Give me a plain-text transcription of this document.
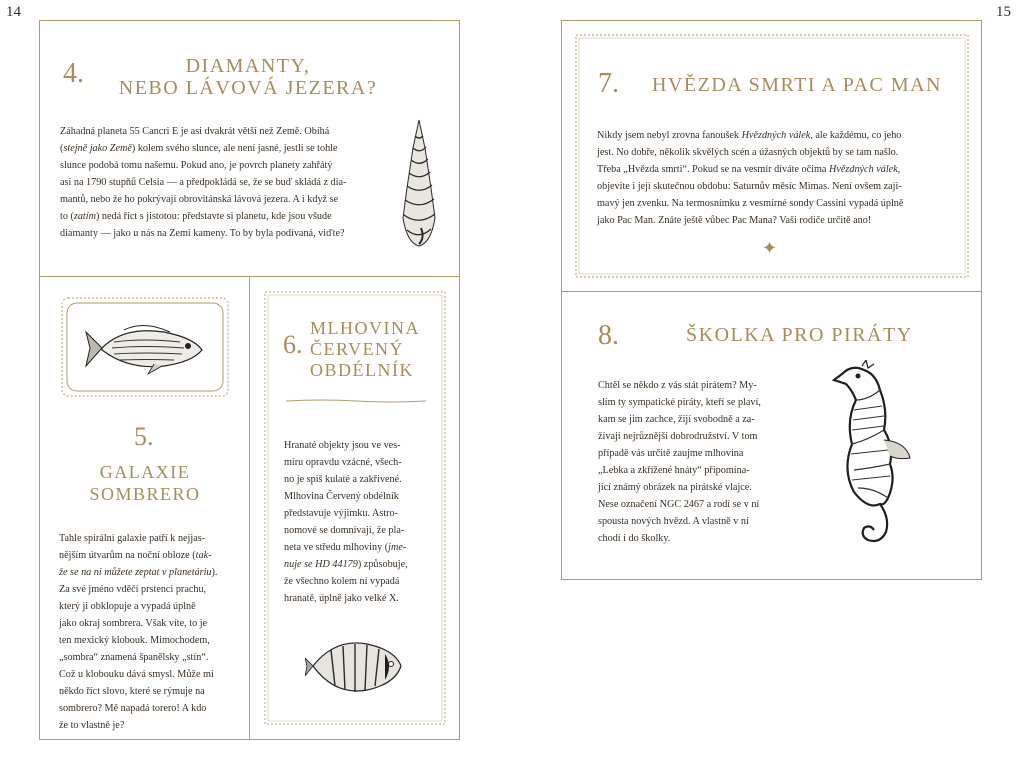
14
4.	DIAMANTY,
NEBO LÁVOVÁ JEZERA?
Záhadná planeta 55 Cancri E je asi dvakrát větší než Země. Obíhá
(stejně jako Země) kolem svého slunce, ale není jasné, jestli se tohle
slunce podobá tomu našemu. Pokud ano, je povrch planety zahřátý
asi na 1790 stupňů Celsia — a předpokládá se, že se buď skládá z dia-
mantů, nebo že ho pokrývají obrovitánská lávová jezera. A i když se
to (zatím) nedá říct s jistotou: představte si planetu, kde jsou všude
diamanty — jako u nás na Zemi kameny. To by byla podívaná, viďte?
5.
GALAXIE
SOMBRERO
Tahle spirální galaxie patří k nejjas-
nějším útvarům na noční obloze (tak-
že se na ni můžete zeptat v planetáriu).
Za své jméno vděčí prstenci prachu,
který ji obklopuje a vypadá úplně
jako okraj sombrera. Však víte, to je
ten mexický klobouk. Mimochodem,
„sombra“ znamená španělsky „stín“.
Což u klobouku dává smysl. Může mi
někdo říct slovo, které se rýmuje na
sombrero? Mě napadá torero! A kdo
že to vlastně je?
6.
MLHOVINA
ČERVENÝ
OBDÉLNÍK
Hranaté objekty jsou ve ves-
míru opravdu vzácné, všech-
no je spíš kulaté a zakřivené.
Mlhovina Červený obdélník
představuje výjimku. Astro-
nomové se domnívají, že pla-
neta ve středu mlhoviny (jme-
nuje se HD 44179) způsobuje,
že všechno kolem ní vypadá
hranatě, úplně jako velké X.
15
7. HVĚZDA SMRTI A PAC MAN
Nikdy jsem nebyl zrovna fanoušek Hvězdných válek, ale každému, co jeho
jest. No dobře, několik skvělých scén a úžasných objektů by se tam našlo.
Třeba „Hvězda smrti“. Pokud se na vesmír díváte očima Hvězdných válek,
objevíte i její skutečnou obdobu: Saturnův měsíc Mimas. Není ovšem zaji-
mavý jen zvenku. Na termosnímku z vesmírné sondy Cassini vypadá úplně
jako Pac Man. Znáte ještě vůbec Pac Mana? Vaši rodiče určitě ano!
✦
8.	ŠKOLKA PRO PIRÁTY
Chtěl se někdo z vás stát pirátem? My-
slím ty sympatické piráty, kteří se plaví,
kam se jim zachce, žijí svobodně a za-
žívají nejrůznější dobrodružství. V tom
případě vás určitě zaujme mlhovina
„Lebka a zkřížené hnáty“ připomína-
jící známý obrázek na pirátské vlajce.
Nese označení NGC 2467 a rodí se v ní
spousta nových hvězd. A vlastně v ní
chodí i do školky.
